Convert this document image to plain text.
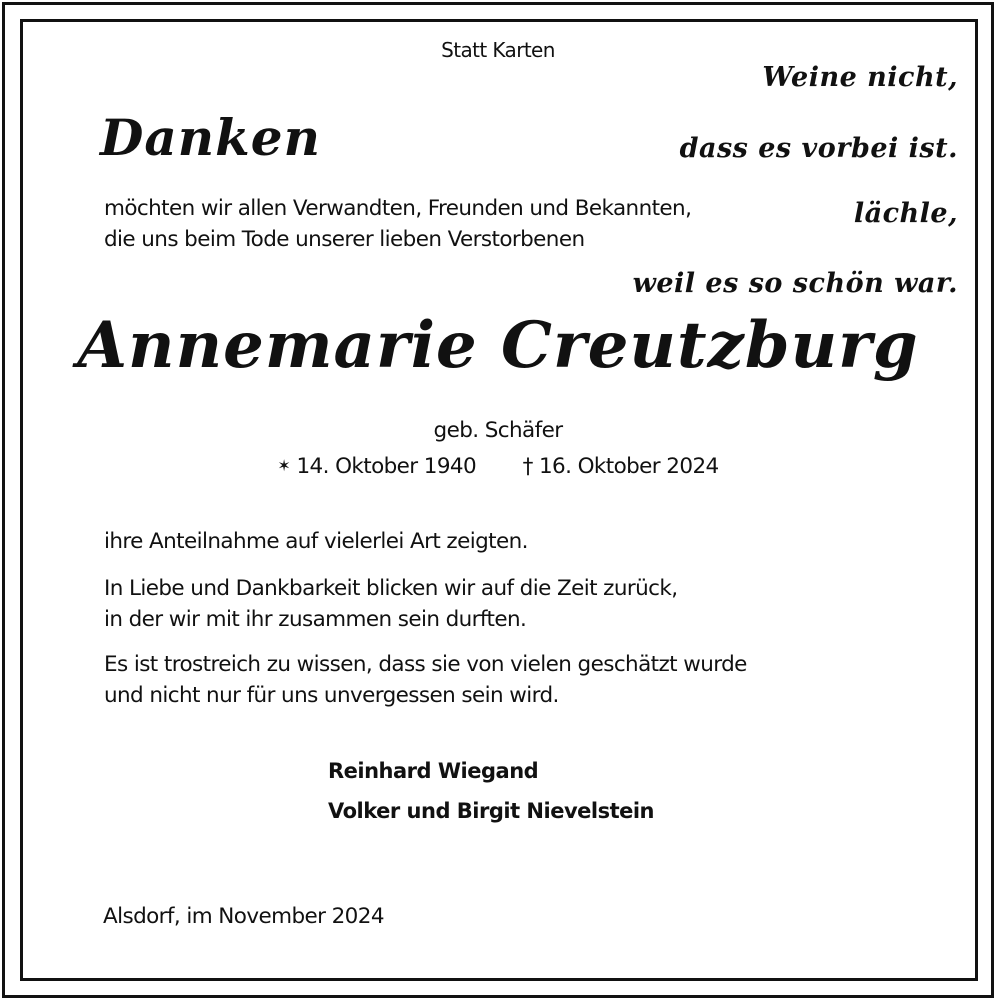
Statt Karten
Danken
Weine nicht,
dass es vorbei ist.
lächle,
weil es so schön war.

möchten wir allen Verwandten, Freunden und Bekannten,

die uns beim Tode unserer lieben Verstorbenen

Annemarie Creutzburg
geb. Schäfer
✶ 14. Oktober 1940 † 16. Oktober 2024

ihre Anteilnahme auf vielerlei Art zeigten.

In Liebe und Dankbarkeit blicken wir auf die Zeit zurück,

in der wir mit ihr zusammen sein durften.

Es ist trostreich zu wissen, dass sie von vielen geschätzt wurde

und nicht nur für uns unvergessen sein wird.

Reinhard Wiegand
Volker und Birgit Nievelstein
Alsdorf, im November 2024
